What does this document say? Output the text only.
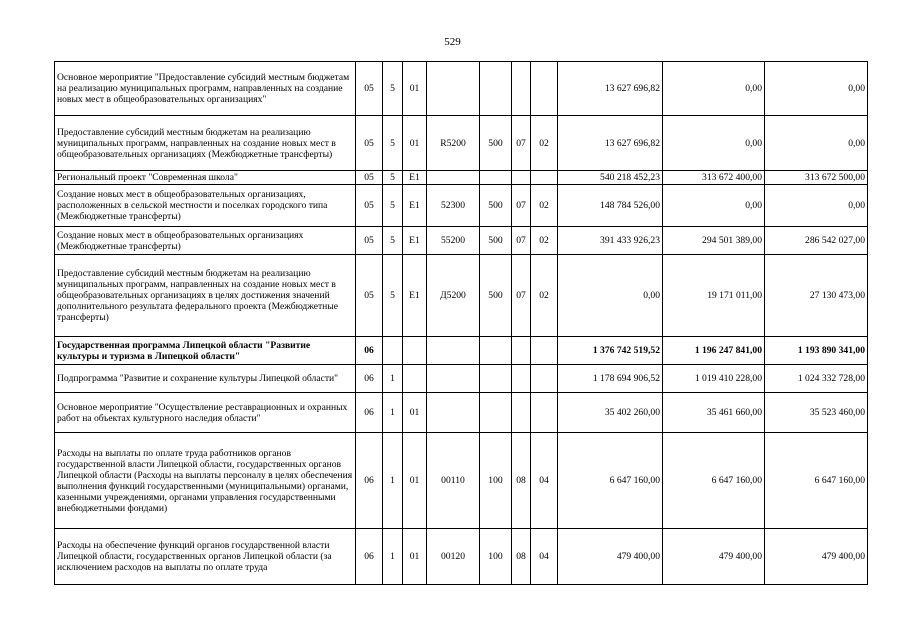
529
Основное мероприятие "Предоставление субсидий местным бюджетам на реализацию муниципальных программ, направленных на создание новых мест в общеобразовательных организациях"	05	5	01					13 627 696,82	0,00	0,00
Предоставление субсидий местным бюджетам на реализацию муниципальных программ, направленных на создание новых мест в общеобразовательных организациях (Межбюджетные трансферты)	05	5	01	R5200	500	07	02	13 627 696,82	0,00	0,00
Региональный проект "Современная школа"	05	5	E1					540 218 452,23	313 672 400,00	313 672 500,00
Создание новых мест в общеобразовательных организациях, расположенных в сельской местности и поселках городского типа (Межбюджетные трансферты)	05	5	E1	52300	500	07	02	148 784 526,00	0,00	0,00
Создание новых мест в общеобразовательных организациях (Межбюджетные трансферты)	05	5	E1	55200	500	07	02	391 433 926,23	294 501 389,00	286 542 027,00
Предоставление субсидий местным бюджетам на реализацию муниципальных программ, направленных на создание новых мест в общеобразовательных организациях в целях достижения значений дополнительного результата федерального проекта (Межбюджетные трансферты)	05	5	E1	Д5200	500	07	02	0,00	19 171 011,00	27 130 473,00
Государственная программа Липецкой области "Развитие культуры и туризма в Липецкой области"	06							1 376 742 519,52	1 196 247 841,00	1 193 890 341,00
Подпрограмма "Развитие и сохранение культуры Липецкой области"	06	1						1 178 694 906,52	1 019 410 228,00	1 024 332 728,00
Основное мероприятие "Осуществление реставрационных и охранных работ на объектах культурного наследия области"	06	1	01					35 402 260,00	35 461 660,00	35 523 460,00
Расходы на выплаты по оплате труда работников органов государственной власти Липецкой области, государственных органов Липецкой области (Расходы на выплаты персоналу в целях обеспечения выполнения функций государственными (муниципальными) органами, казенными учреждениями, органами управления государственными внебюджетными фондами)	06	1	01	00110	100	08	04	6 647 160,00	6 647 160,00	6 647 160,00
Расходы на обеспечение функций органов государственной власти Липецкой области, государственных органов Липецкой области (за исключением расходов на выплаты по оплате труда	06	1	01	00120	100	08	04	479 400,00	479 400,00	479 400,00
